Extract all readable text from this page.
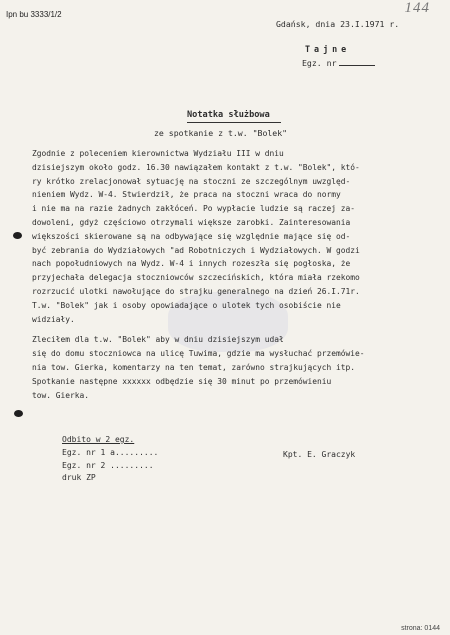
Ipn bu 3333/1/2	144
Gdańsk, dnia 23.I.1971 r.
Tajne
Egz. nr
Notatka służbowa
ze spotkanie z t.w. "Bolek"
Zgodnie z poleceniem kierownictwa Wydziału III w dniu
dzisiejszym około godz. 16.30 nawiązałem kontakt z t.w. "Bolek", któ-
ry krótko zrelacjonował sytuację na stoczni ze szczególnym uwzględ-
nieniem Wydz. W-4. Stwierdził, że praca na stoczni wraca do normy
i nie ma na razie żadnych zakłóceń. Po wypłacie ludzie są raczej za-
dowoleni, gdyż częściowo otrzymali większe zarobki. Zainteresowania
większości skierowane są na odbywające się względnie mające się od-
być zebrania do Wydziałowych "ad Robotniczych i Wydziałowych. W godzi
nach popołudniowych na Wydz. W-4 i innych rozeszła się pogłoska, że
przyjechała delegacja stoczniowców szczecińskich, która miała rzekomo
rozrzucić ulotki nawołujące do strajku generalnego na dzień 26.I.71r.
T.w. "Bolek" jak i osoby opowiadające o ulotek tych osobiście nie
widziały.
Zleciłem dla t.w. "Bolek" aby w dniu dzisiejszym udał
się do domu stoczniowca na ulicę Tuwima, gdzie ma wysłuchać przemówie-
nia tow. Gierka, komentarzy na ten temat, zarówno strajkujących itp.
Spotkanie następne xxxxxx odbędzie się 30 minut po przemówieniu
tow. Gierka.
Odbito w 2 egz.
Egz. nr 1 a.........
Egz. nr 2 .........
druk ZP
Kpt. E. Graczyk
strona: 0144
